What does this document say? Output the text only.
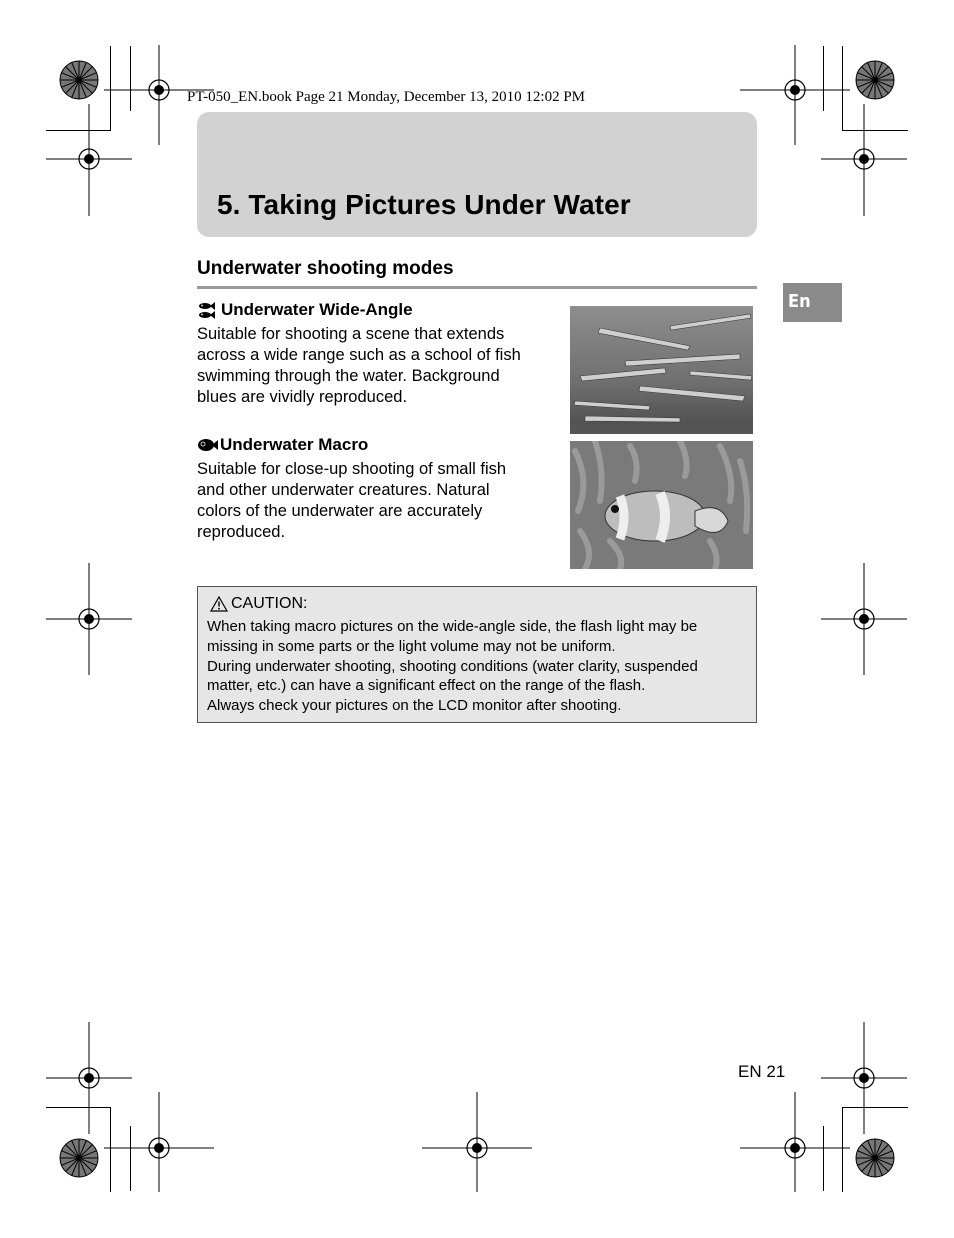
PT-050_EN.book Page 21 Monday, December 13, 2010 12:02 PM
5. Taking Pictures Under Water
Underwater shooting modes
En
Underwater Wide-Angle
Suitable for shooting a scene that extends
across a wide range such as a school of fish
swimming through the water. Background
blues are vividly reproduced.
Underwater Macro
Suitable for close-up shooting of small fish
and other underwater creatures. Natural
colors of the underwater are accurately
reproduced.
CAUTION:
When taking macro pictures on the wide-angle side, the flash light may be
missing in some parts or the light volume may not be uniform.
During underwater shooting, shooting conditions (water clarity, suspended
matter, etc.) can have a significant effect on the range of the flash.
Always check your pictures on the LCD monitor after shooting.
EN 21
